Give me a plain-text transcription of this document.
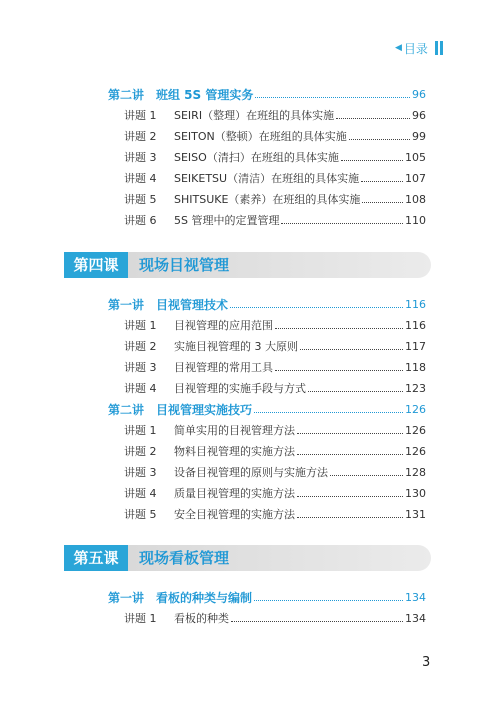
◀ 目录
第二讲　班组 5S 管理实务	96
讲题 1	SEIRI（整理）在班组的具体实施	96
讲题 2	SEITON（整顿）在班组的具体实施	99
讲题 3	SEISO（清扫）在班组的具体实施	105
讲题 4	SEIKETSU（清洁）在班组的具体实施	107
讲题 5	SHITSUKE（素养）在班组的具体实施	108
讲题 6	5S 管理中的定置管理	110
第四课	现场目视管理
第一讲　目视管理技术	116
讲题 1	目视管理的应用范围	116
讲题 2	实施目视管理的 3 大原则	117
讲题 3	目视管理的常用工具	118
讲题 4	目视管理的实施手段与方式	123
第二讲　目视管理实施技巧	126
讲题 1	简单实用的目视管理方法	126
讲题 2	物料目视管理的实施方法	126
讲题 3	设备目视管理的原则与实施方法	128
讲题 4	质量目视管理的实施方法	130
讲题 5	安全目视管理的实施方法	131
第五课	现场看板管理
第一讲　看板的种类与编制	134
讲题 1	看板的种类	134
3
